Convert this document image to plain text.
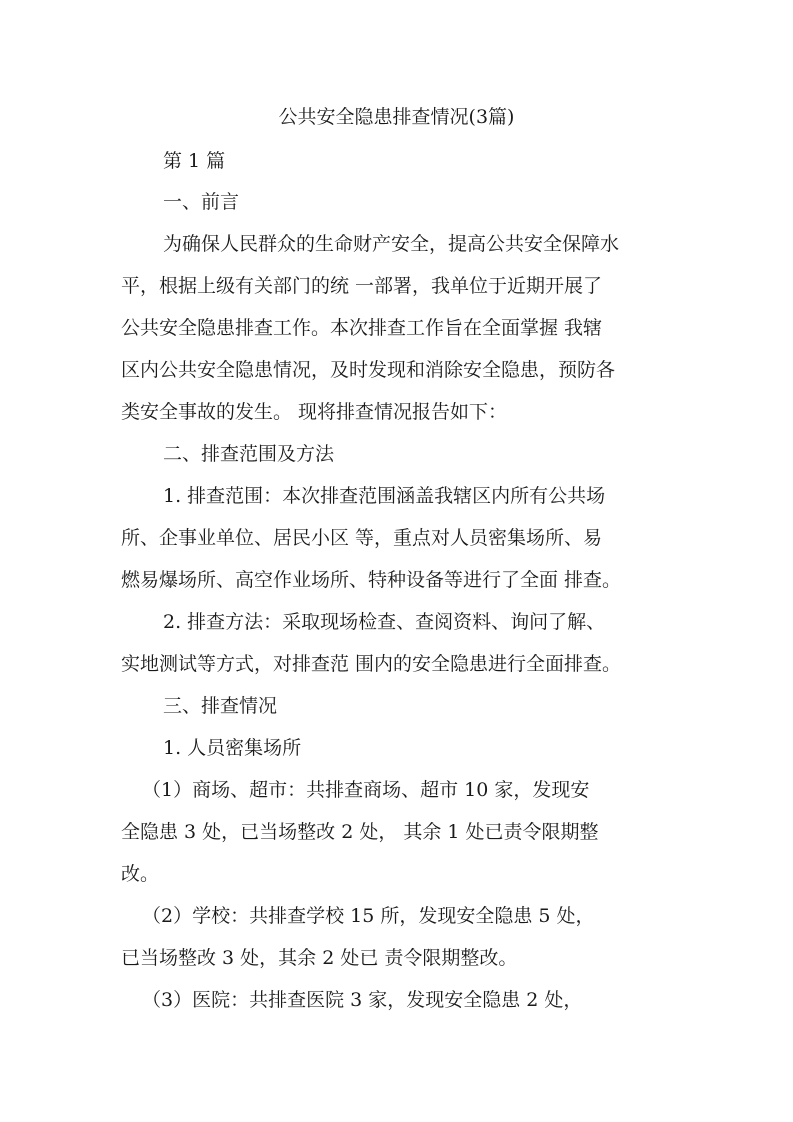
公共安全隐患排查情况(3篇)
第 1 篇
一、前言
为确保人民群众的生命财产安全，提高公共安全保障水
平，根据上级有关部门的统 一部署，我单位于近期开展了
公共安全隐患排查工作。本次排查工作旨在全面掌握 我辖
区内公共安全隐患情况，及时发现和消除安全隐患，预防各
类安全事故的发生。 现将排查情况报告如下：
二、排查范围及方法
1. 排查范围：本次排查范围涵盖我辖区内所有公共场
所、企事业单位、居民小区 等，重点对人员密集场所、易
燃易爆场所、高空作业场所、特种设备等进行了全面 排查。
2. 排查方法：采取现场检查、查阅资料、询问了解、
实地测试等方式，对排查范 围内的安全隐患进行全面排查。
三、排查情况
1. 人员密集场所
（1）商场、超市：共排查商场、超市 10 家，发现安
全隐患 3 处，已当场整改 2 处， 其余 1 处已责令限期整
改。
（2）学校：共排查学校 15 所，发现安全隐患 5 处，
已当场整改 3 处，其余 2 处已 责令限期整改。
（3）医院：共排查医院 3 家，发现安全隐患 2 处，
